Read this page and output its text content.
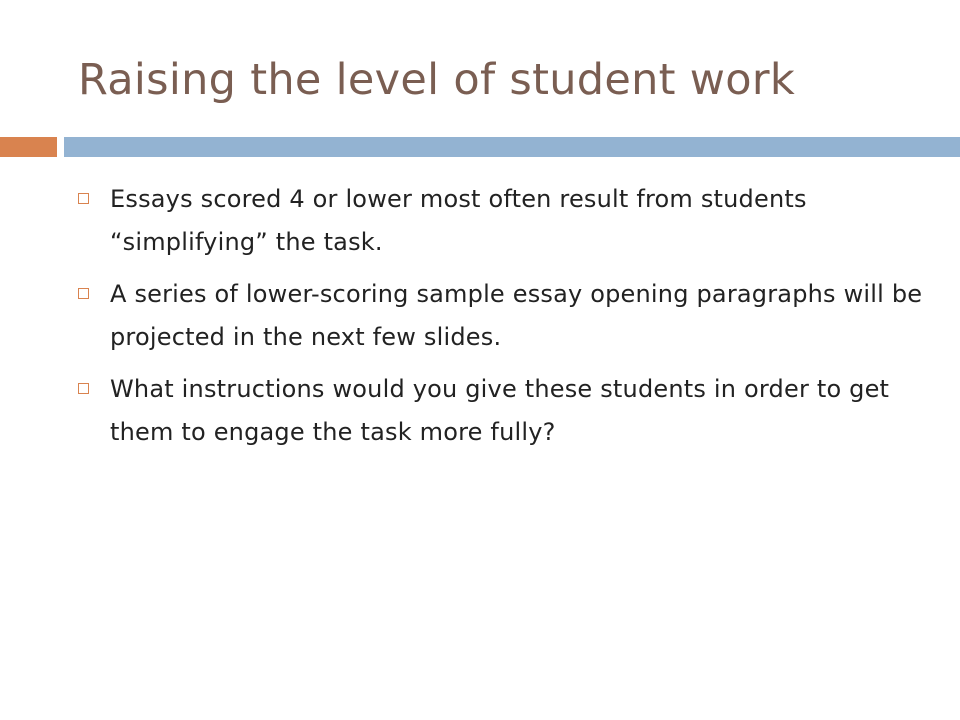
Raising the level of student work
Essays scored 4 or lower most often result from students “simplifying” the task.
A series of lower-scoring sample essay opening paragraphs will be projected in the next few slides.
What instructions would you give these students in order to get them to engage the task more fully?
